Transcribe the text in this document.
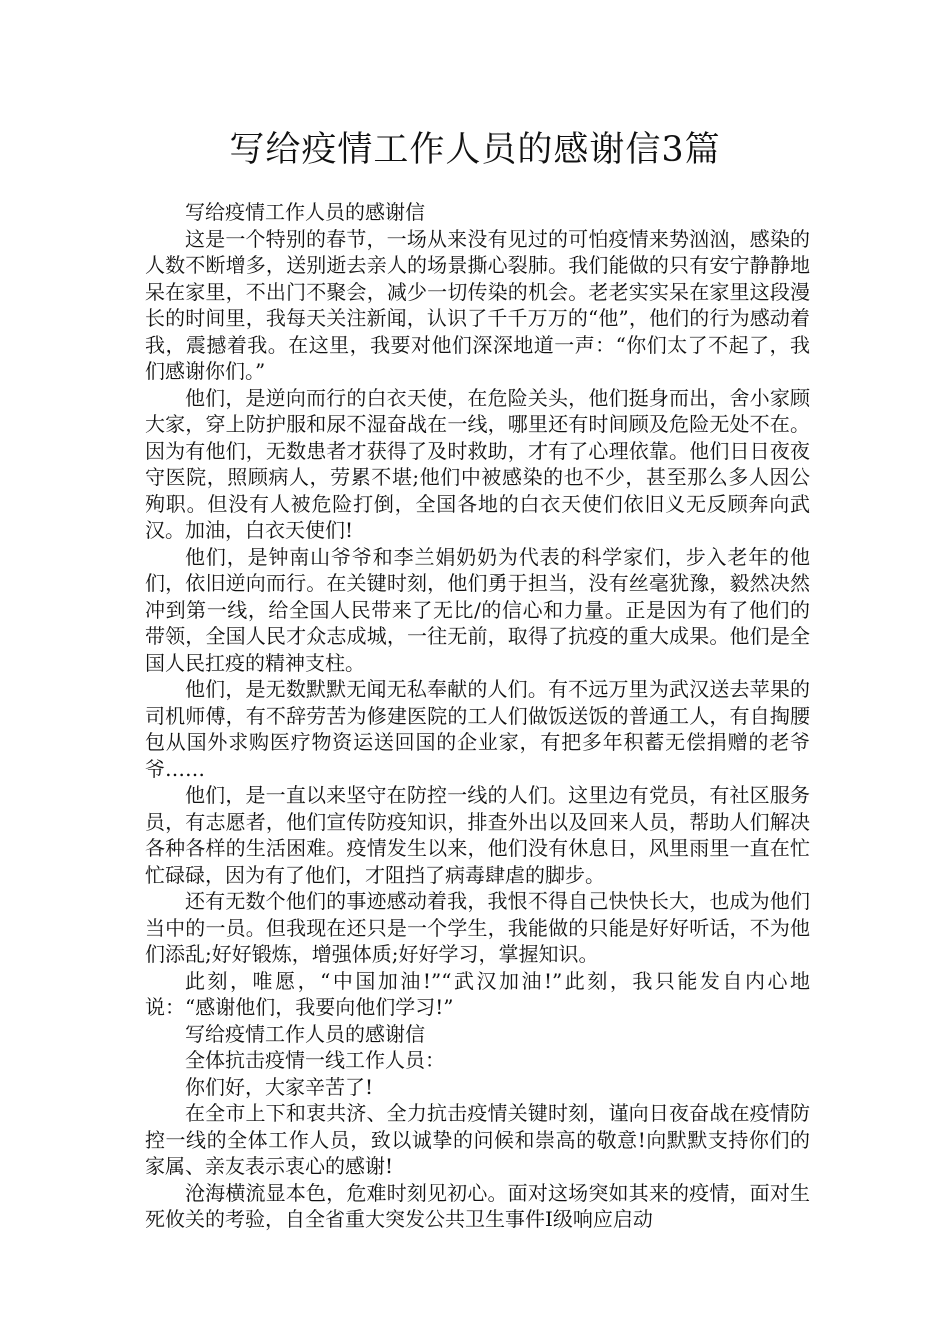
写给疫情工作人员的感谢信3篇

写给疫情工作人员的感谢信

这是一个特别的春节，一场从来没有见过的可怕疫情来势汹汹，感染的人数不断增多，送别逝去亲人的场景撕心裂肺。我们能做的只有安宁静静地呆在家里，不出门不聚会，减少一切传染的机会。老老实实呆在家里这段漫长的时间里，我每天关注新闻，认识了千千万万的“他”，他们的行为感动着我，震撼着我。在这里，我要对他们深深地道一声：“你们太了不起了，我们感谢你们。”

他们，是逆向而行的白衣天使，在危险关头，他们挺身而出，舍小家顾大家，穿上防护服和尿不湿奋战在一线，哪里还有时间顾及危险无处不在。因为有他们，无数患者才获得了及时救助，才有了心理依靠。他们日日夜夜守医院，照顾病人，劳累不堪;他们中被感染的也不少，甚至那么多人因公殉职。但没有人被危险打倒，全国各地的白衣天使们依旧义无反顾奔向武汉。加油，白衣天使们!

他们，是钟南山爷爷和李兰娟奶奶为代表的科学家们，步入老年的他们，依旧逆向而行。在关键时刻，他们勇于担当，没有丝毫犹豫，毅然决然冲到第一线，给全国人民带来了无比/的信心和力量。正是因为有了他们的带领，全国人民才众志成城，一往无前，取得了抗疫的重大成果。他们是全国人民扛疫的精神支柱。

他们，是无数默默无闻无私奉献的人们。有不远万里为武汉送去苹果的司机师傅，有不辞劳苦为修建医院的工人们做饭送饭的普通工人，有自掏腰包从国外求购医疗物资运送回国的企业家，有把多年积蓄无偿捐赠的老爷爷……

他们，是一直以来坚守在防控一线的人们。这里边有党员，有社区服务员，有志愿者，他们宣传防疫知识，排查外出以及回来人员，帮助人们解决各种各样的生活困难。疫情发生以来，他们没有休息日，风里雨里一直在忙忙碌碌，因为有了他们，才阻挡了病毒肆虐的脚步。

还有无数个他们的事迹感动着我，我恨不得自己快快长大，也成为他们当中的一员。但我现在还只是一个学生，我能做的只能是好好听话，不为他们添乱;好好锻炼，增强体质;好好学习，掌握知识。

此刻，唯愿，“中国加油!”“武汉加油!”此刻，我只能发自内心地说：“感谢他们，我要向他们学习!”

写给疫情工作人员的感谢信

全体抗击疫情一线工作人员：

你们好，大家辛苦了!

在全市上下和衷共济、全力抗击疫情关键时刻，谨向日夜奋战在疫情防控一线的全体工作人员，致以诚挚的问候和崇高的敬意!向默默支持你们的家属、亲友表示衷心的感谢!

沧海横流显本色，危难时刻见初心。面对这场突如其来的疫情，面对生死攸关的考验，自全省重大突发公共卫生事件Ⅰ级响应启动
